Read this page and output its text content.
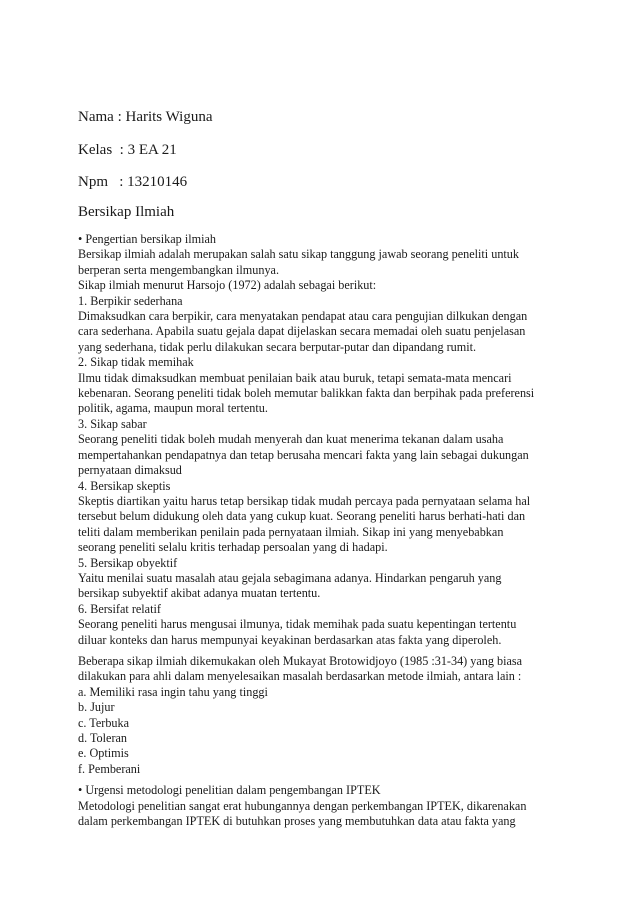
Nama : Harits Wiguna
Kelas  : 3 EA 21
Npm   : 13210146
Bersikap Ilmiah
• Pengertian bersikap ilmiah
Bersikap ilmiah adalah merupakan salah satu sikap tanggung jawab seorang peneliti untuk
berperan serta mengembangkan ilmunya.
Sikap ilmiah menurut Harsojo (1972) adalah sebagai berikut:
1. Berpikir sederhana
Dimaksudkan cara berpikir, cara menyatakan pendapat atau cara pengujian dilkukan dengan
cara sederhana. Apabila suatu gejala dapat dijelaskan secara memadai oleh suatu penjelasan
yang sederhana, tidak perlu dilakukan secara berputar-putar dan dipandang rumit.
2. Sikap tidak memihak
Ilmu tidak dimaksudkan membuat penilaian baik atau buruk, tetapi semata-mata mencari
kebenaran. Seorang peneliti tidak boleh memutar balikkan fakta dan berpihak pada preferensi
politik, agama, maupun moral tertentu.
3. Sikap sabar
Seorang peneliti tidak boleh mudah menyerah dan kuat menerima tekanan dalam usaha
mempertahankan pendapatnya dan tetap berusaha mencari fakta yang lain sebagai dukungan
pernyataan dimaksud
4. Bersikap skeptis
Skeptis diartikan yaitu harus tetap bersikap tidak mudah percaya pada pernyataan selama hal
tersebut belum didukung oleh data yang cukup kuat. Seorang peneliti harus berhati-hati dan
teliti dalam memberikan penilain pada pernyataan ilmiah. Sikap ini yang menyebabkan
seorang peneliti selalu kritis terhadap persoalan yang di hadapi.
5. Bersikap obyektif
Yaitu menilai suatu masalah atau gejala sebagimana adanya. Hindarkan pengaruh yang
bersikap subyektif akibat adanya muatan tertentu.
6. Bersifat relatif
Seorang peneliti harus mengusai ilmunya, tidak memihak pada suatu kepentingan tertentu
diluar konteks dan harus mempunyai keyakinan berdasarkan atas fakta yang diperoleh.
Beberapa sikap ilmiah dikemukakan oleh Mukayat Brotowidjoyo (1985 :31-34) yang biasa
dilakukan para ahli dalam menyelesaikan masalah berdasarkan metode ilmiah, antara lain :
a. Memiliki rasa ingin tahu yang tinggi
b. Jujur
c. Terbuka
d. Toleran
e. Optimis
f. Pemberani
• Urgensi metodologi penelitian dalam pengembangan IPTEK
Metodologi penelitian sangat erat hubungannya dengan perkembangan IPTEK, dikarenakan
dalam perkembangan IPTEK di butuhkan proses yang membutuhkan data atau fakta yang
